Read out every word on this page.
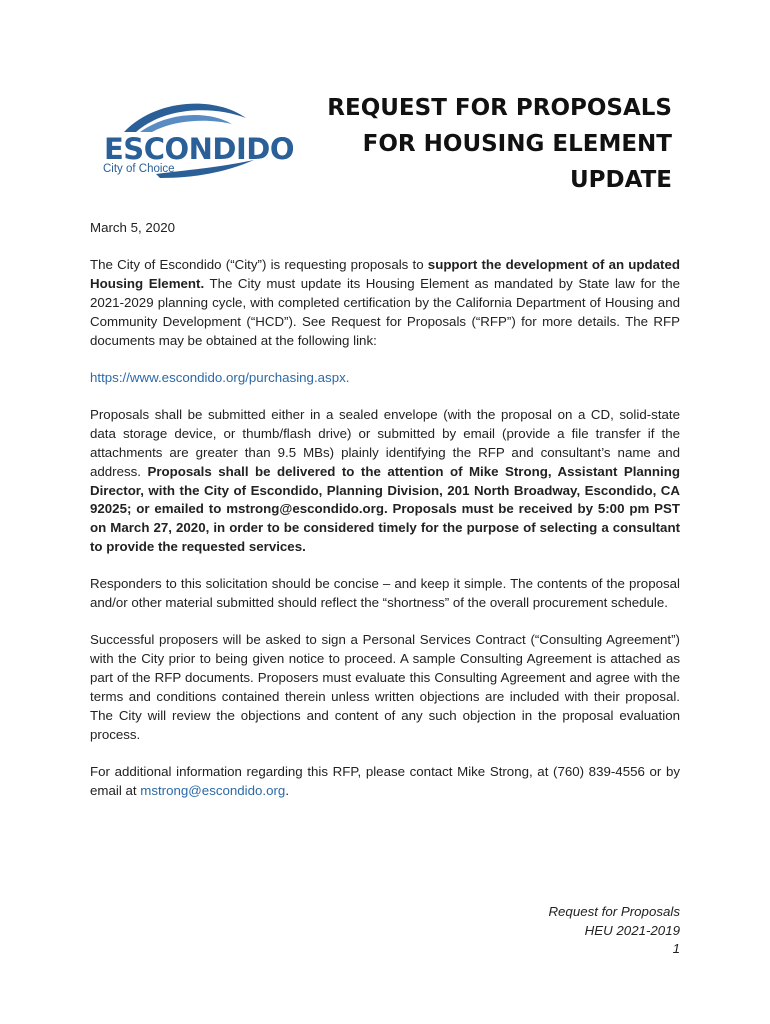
ESCONDIDO
City of Choice
REQUEST FOR PROPOSALS
FOR HOUSING ELEMENT
UPDATE

March 5, 2020

The City of Escondido (“City”) is requesting proposals to support the development of an updated Housing Element. The City must update its Housing Element as mandated by State law for the 2021-2029 planning cycle, with completed certification by the California Department of Housing and Community Development (“HCD”). See Request for Proposals (“RFP”) for more details. The RFP documents may be obtained at the following link:

https://www.escondido.org/purchasing.aspx.

Proposals shall be submitted either in a sealed envelope (with the proposal on a CD, solid-state data storage device, or thumb/flash drive) or submitted by email (provide a file transfer if the attachments are greater than 9.5 MBs) plainly identifying the RFP and consultant’s name and address. Proposals shall be delivered to the attention of Mike Strong, Assistant Planning Director, with the City of Escondido, Planning Division, 201 North Broadway, Escondido, CA 92025; or emailed to mstrong@escondido.org. Proposals must be received by 5:00 pm PST on March 27, 2020, in order to be considered timely for the purpose of selecting a consultant to provide the requested services.

Responders to this solicitation should be concise – and keep it simple. The contents of the proposal and/or other material submitted should reflect the “shortness” of the overall procurement schedule.

Successful proposers will be asked to sign a Personal Services Contract (“Consulting Agreement”) with the City prior to being given notice to proceed. A sample Consulting Agreement is attached as part of the RFP documents. Proposers must evaluate this Consulting Agreement and agree with the terms and conditions contained therein unless written objections are included with their proposal. The City will review the objections and content of any such objection in the proposal evaluation process.

For additional information regarding this RFP, please contact Mike Strong, at (760) 839-4556 or by email at mstrong@escondido.org.

Request for Proposals
HEU 2021-2019
1
